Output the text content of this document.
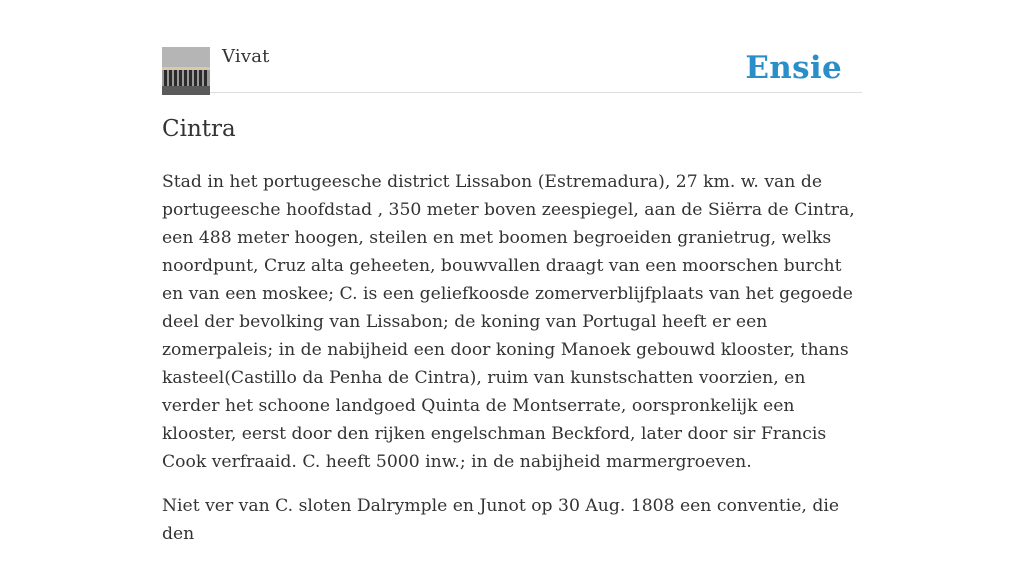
Vivat	Ensie
Cintra

Stad in het portugeesche district Lissabon (Estremadura), 27 km. w. van de portugeesche hoofdstad , 350 meter boven zeespiegel, aan de Siërra de Cintra, een 488 meter hoogen, steilen en met boomen begroeiden granietrug, welks noordpunt, Cruz alta geheeten, bouwvallen draagt van een moorschen burcht en van een moskee; C. is een geliefkoosde zomerverblijfplaats van het gegoede deel der bevolking van Lissabon; de koning van Portugal heeft er een zomerpaleis; in de nabijheid een door koning Manoek gebouwd klooster, thans kasteel(Castillo da Penha de Cintra), ruim van kunstschatten voorzien, en verder het schoone landgoed Quinta de Montserrate, oorspronkelijk een klooster, eerst door den rijken engelschman Beckford, later door sir Francis Cook verfraaid. C. heeft 5000 inw.; in de nabijheid marmergroeven.

Niet ver van C. sloten Dalrymple en Junot op 30 Aug. 1808 een conventie, die den
